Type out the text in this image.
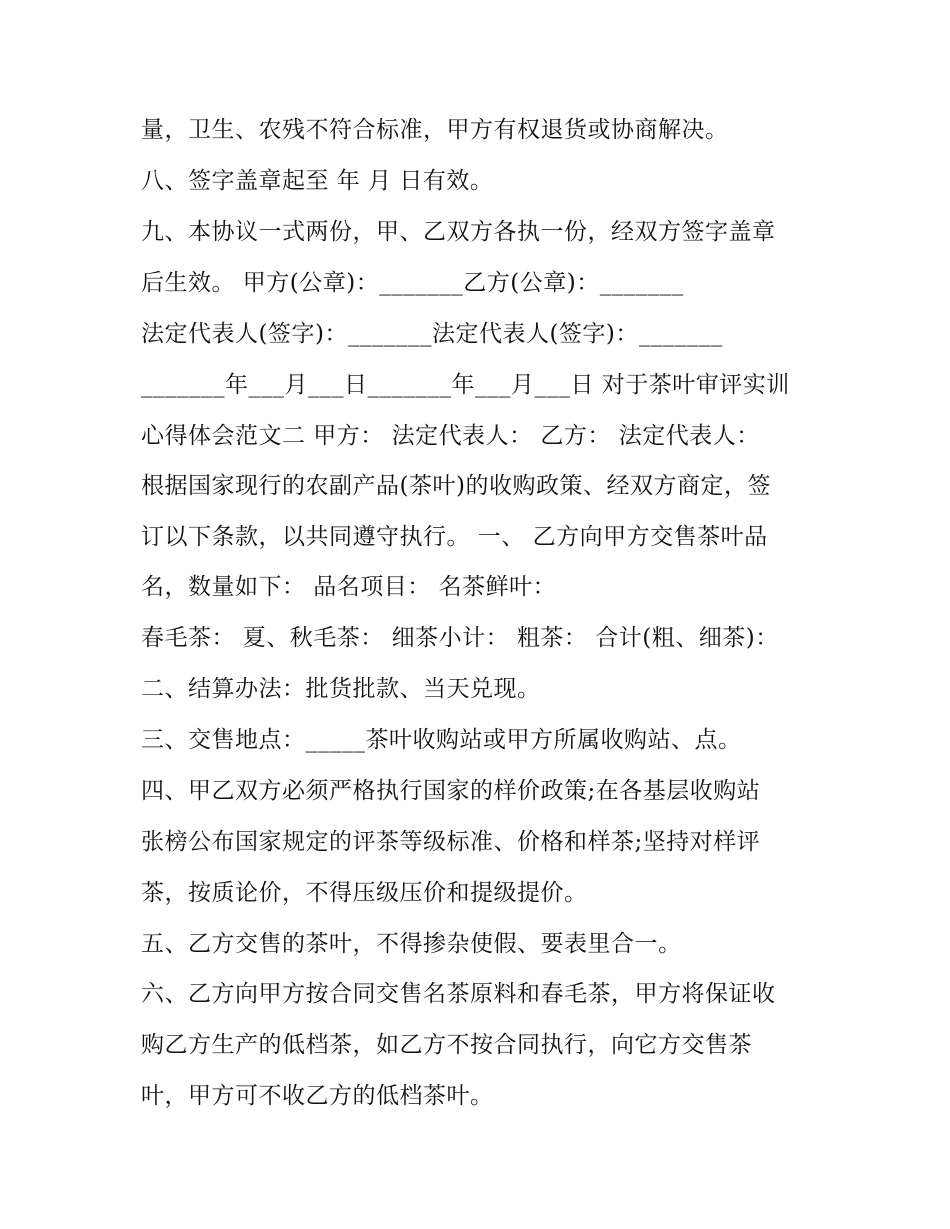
量，卫生、农残不符合标准，甲方有权退货或协商解决。
八、签字盖章起至 年 月 日有效。
九、本协议一式两份，甲、乙双方各执一份，经双方签字盖章
后生效。 甲方(公章)：_______乙方(公章)：_______
法定代表人(签字)：_______法定代表人(签字)：_______
_______年___月___日_______年___月___日 对于茶叶审评实训
心得体会范文二 甲方： 法定代表人： 乙方： 法定代表人：
根据国家现行的农副产品(茶叶)的收购政策、经双方商定，签
订以下条款，以共同遵守执行。 一、 乙方向甲方交售茶叶品
名，数量如下： 品名项目： 名茶鲜叶：
春毛茶： 夏、秋毛茶： 细茶小计： 粗茶： 合计(粗、细茶)：
二、结算办法：批货批款、当天兑现。
三、交售地点：_____茶叶收购站或甲方所属收购站、点。
四、甲乙双方必须严格执行国家的样价政策;在各基层收购站
张榜公布国家规定的评茶等级标准、价格和样茶;坚持对样评
茶，按质论价，不得压级压价和提级提价。
五、乙方交售的茶叶，不得掺杂使假、要表里合一。
六、乙方向甲方按合同交售名茶原料和春毛茶，甲方将保证收
购乙方生产的低档茶，如乙方不按合同执行，向它方交售茶
叶，甲方可不收乙方的低档茶叶。
